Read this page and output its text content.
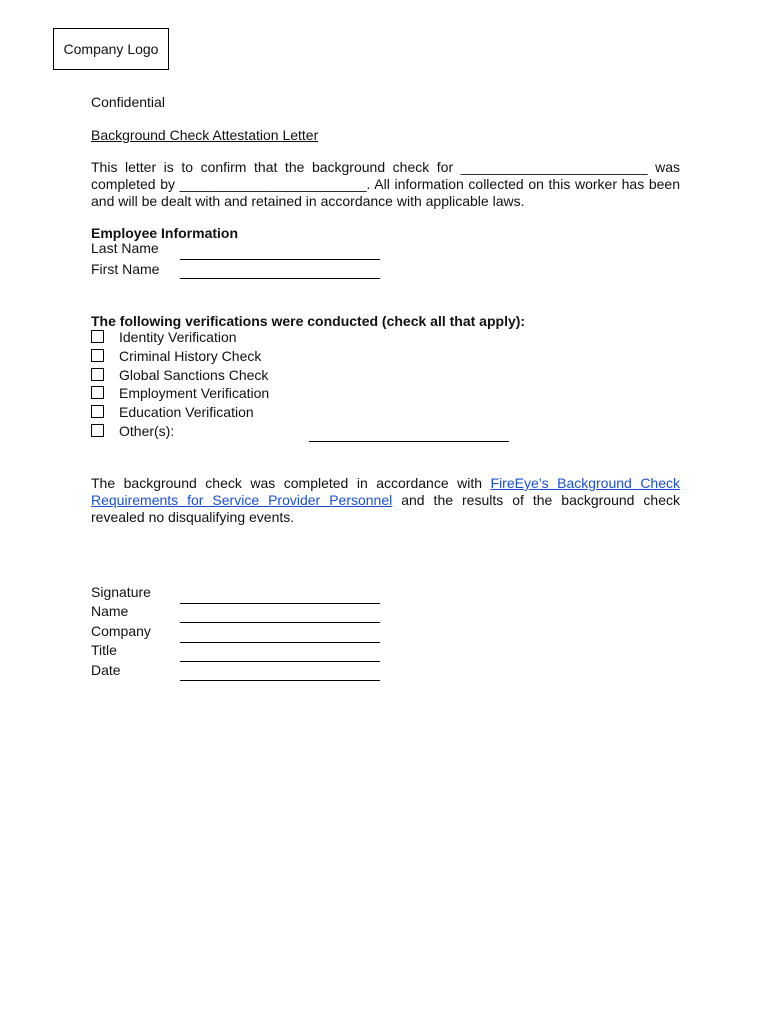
Company Logo
Confidential
Background Check Attestation Letter
This letter is to confirm that the background check for ________________________ was completed by ________________________. All information collected on this worker has been and will be dealt with and retained in accordance with applicable laws.
Employee Information
Last Name
First Name
The following verifications were conducted (check all that apply):
Identity Verification
Criminal History Check
Global Sanctions Check
Employment Verification
Education Verification
Other(s):
The background check was completed in accordance with FireEye’s Background Check Requirements for Service Provider Personnel and the results of the background check revealed no disqualifying events.
Signature
Name
Company
Title
Date
